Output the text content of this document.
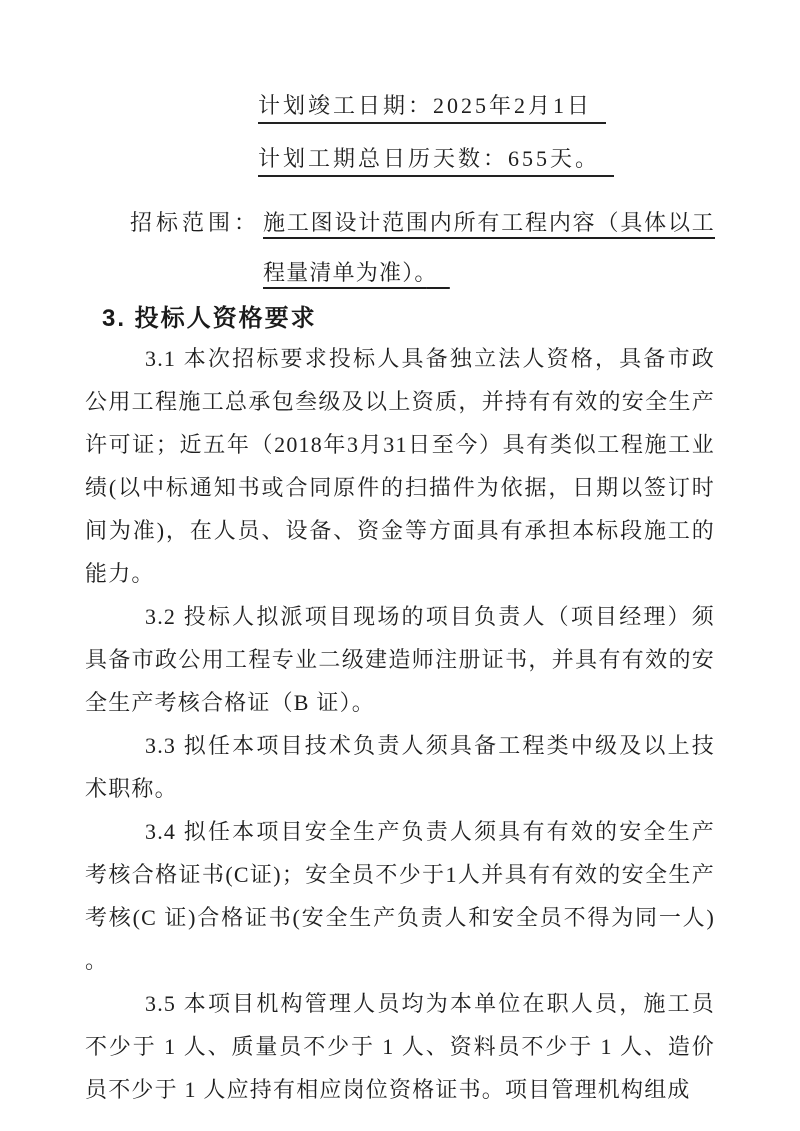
计划竣工日期：2025年2月1日
计划工期总日历天数：655天。
招标范围： 施工图设计范围内所有工程内容（具体以工程量清单为准）。
3. 投标人资格要求

3.1 本次招标要求投标人具备独立法人资格，具备市政公用工程施工总承包叁级及以上资质，并持有有效的安全生产许可证；近五年（2018年3月31日至今）具有类似工程施工业绩(以中标通知书或合同原件的扫描件为依据，日期以签订时间为准)，在人员、设备、资金等方面具有承担本标段施工的能力。

3.2 投标人拟派项目现场的项目负责人（项目经理）须具备市政公用工程专业二级建造师注册证书，并具有有效的安全生产考核合格证（B 证）。

3.3 拟任本项目技术负责人须具备工程类中级及以上技术职称。

3.4 拟任本项目安全生产负责人须具有有效的安全生产考核合格证书(C证)；安全员不少于1人并具有有效的安全生产考核(C 证)合格证书(安全生产负责人和安全员不得为同一人) 。

3.5 本项目机构管理人员均为本单位在职人员，施工员不少于 1 人、质量员不少于 1 人、资料员不少于 1 人、造价员不少于 1 人应持有相应岗位资格证书。项目管理机构组成
